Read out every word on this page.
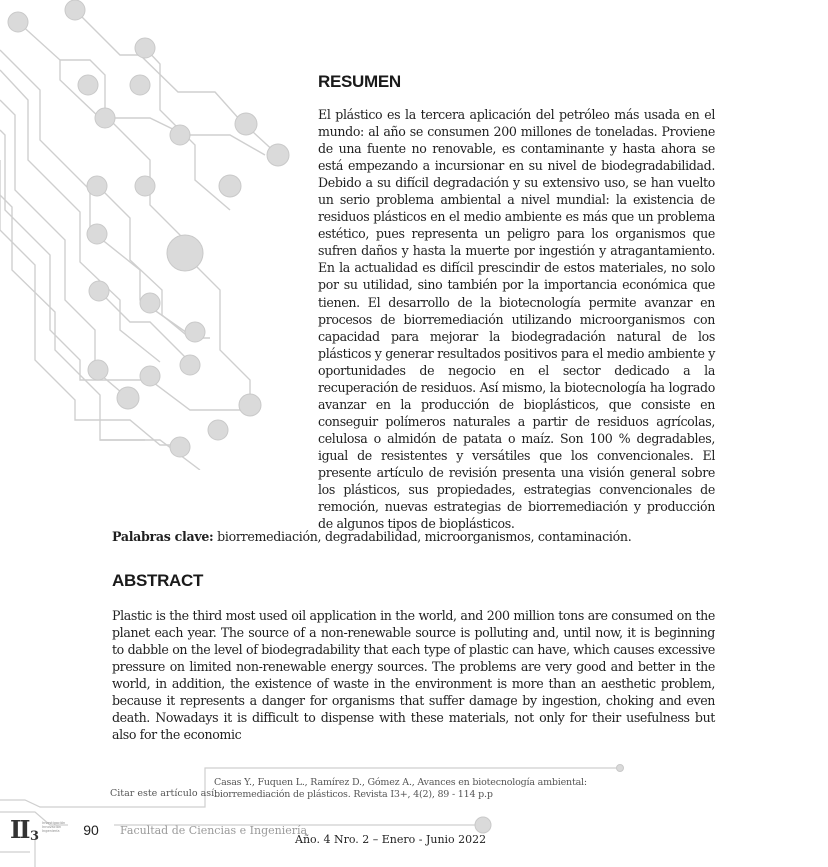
RESUMEN

El plástico es la tercera aplicación del petróleo más usada en el mundo: al año se consumen 200 millones de toneladas. Proviene de una fuente no renovable, es contaminante y hasta ahora se está empezando a incursionar en su nivel de biodegradabilidad. Debido a su difícil degradación y su extensivo uso, se han vuelto un serio problema ambiental a nivel mundial: la existencia de residuos plásticos en el medio ambiente es más que un problema estético, pues representa un peligro para los organismos que sufren daños y hasta la muerte por ingestión y atragantamiento. En la actualidad es difícil prescindir de estos materiales, no solo por su utilidad, sino también por la importancia económica que tienen. El desarrollo de la biotecnología permite avanzar en procesos de biorremediación utilizando microorganismos con capacidad para mejorar la biodegradación natural de los plásticos y generar resultados positivos para el medio ambiente y oportunidades de negocio en el sector dedicado a la recuperación de residuos. Así mismo, la biotecnología ha logrado avanzar en la producción de bioplásticos, que consiste en conseguir polímeros naturales a partir de residuos agrícolas, celulosa o almidón de patata o maíz. Son 100 % degradables, igual de resistentes y versátiles que los convencionales. El presente artículo de revisión presenta una visión general sobre los plásticos, sus propiedades, estrategias convencionales de remoción, nuevas estrategias de biorremediación y producción de algunos tipos de bioplásticos.

Palabras clave: biorremediación, degradabilidad, microorganismos, contaminación.

ABSTRACT

Plastic is the third most used oil application in the world, and 200 million tons are consumed on the planet each year. The source of a non-renewable source is polluting and, until now, it is beginning to dabble on the level of biodegradability that each type of plastic can have, which causes excessive pressure on limited non-renewable energy sources. The problems are very good and better in the world, in addition, the existence of waste in the environment is more than an aesthetic problem, because it represents a danger for organisms that suffer damage by ingestion, choking and even death. Nowadays it is difficult to dispense with these materials, not only for their usefulness but also for the economic

Citar este artículo así:
Casas Y., Fuquen L., Ramírez D., Gómez A., Avances en biotecnología ambiental: biorremediación de plásticos. Revista I3+, 4(2), 89 - 114 p.p
II 3
Investigación Innovación Ingeniería	90	Facultad de Ciencias e Ingeniería
Año. 4 Nro. 2 – Enero - Junio 2022
